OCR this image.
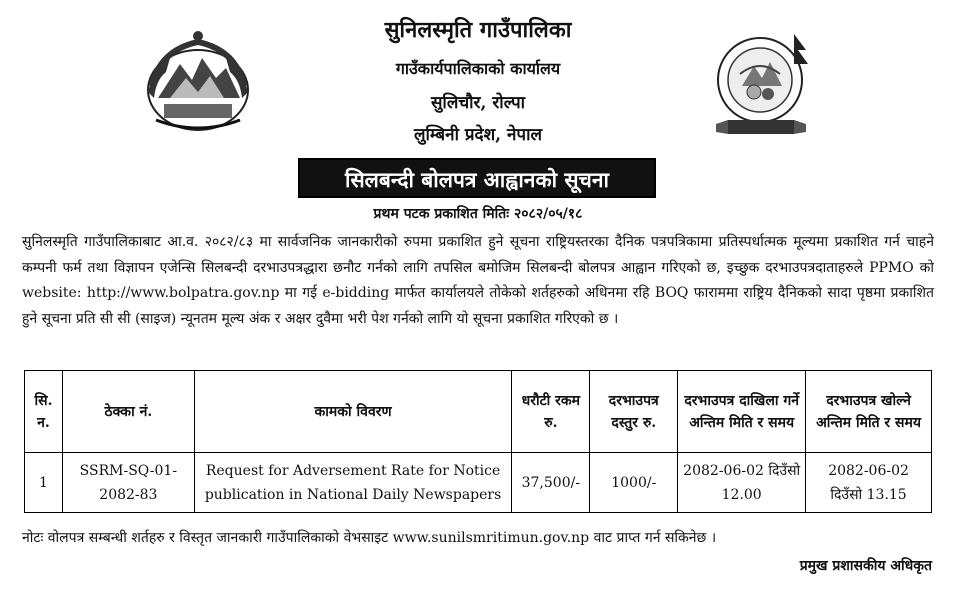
सुनिलस्मृति गाउँपालिका
गाउँकार्यपालिकाको कार्यालय
सुलिचौर, रोल्पा
लुम्बिनी प्रदेश, नेपाल
सिलबन्दी बोलपत्र आह्वानको सूचना
प्रथम पटक प्रकाशित मितिः २०८२/०५/१८
सुनिलस्मृति गाउँपालिकाबाट आ.व. २०८२/८३ मा सार्वजनिक जानकारीको रुपमा प्रकाशित हुने सूचना राष्ट्रियस्तरका दैनिक पत्रपत्रिकामा प्रतिस्पर्धात्मक मूल्यमा प्रकाशित गर्न चाहने कम्पनी फर्म तथा विज्ञापन एजेन्सि सिलबन्दी दरभाउपत्रद्धारा छनौट गर्नको लागि तपसिल बमोजिम सिलबन्दी बोलपत्र आह्वान गरिएको छ, इच्छुक दरभाउपत्रदाताहरुले PPMO को website: http://www.bolpatra.gov.np मा गई e-bidding मार्फत कार्यालयले तोकेको शर्तहरुको अधिनमा रहि BOQ फाराममा राष्ट्रिय दैनिकको सादा पृष्ठमा प्रकाशित हुने सूचना प्रति सी सी (साइज) न्यूनतम मूल्य अंक र अक्षर दुवैमा भरी पेश गर्नको लागि यो सूचना प्रकाशित गरिएको छ ।
सि. न.	ठेक्का नं.	कामको विवरण	धरौटी रकम रु.	दरभाउपत्र दस्तुर रु.	दरभाउपत्र दाखिला गर्ने अन्तिम मिति र समय	दरभाउपत्र खोल्ने अन्तिम मिति र समय
1	SSRM-SQ-01-2082-83	Request for Adversement Rate for Notice publication in National Daily Newspapers	37,500/-	1000/-	2082-06-02 दिउँसो 12.00	2082-06-02 दिउँसो 13.15
नोटः वोलपत्र सम्बन्धी शर्तहरु र विस्तृत जानकारी गाउँपालिकाको वेभसाइट www.sunilsmritimun.gov.np वाट प्राप्त गर्न सकिनेछ ।
प्रमुख प्रशासकीय अधिकृत
